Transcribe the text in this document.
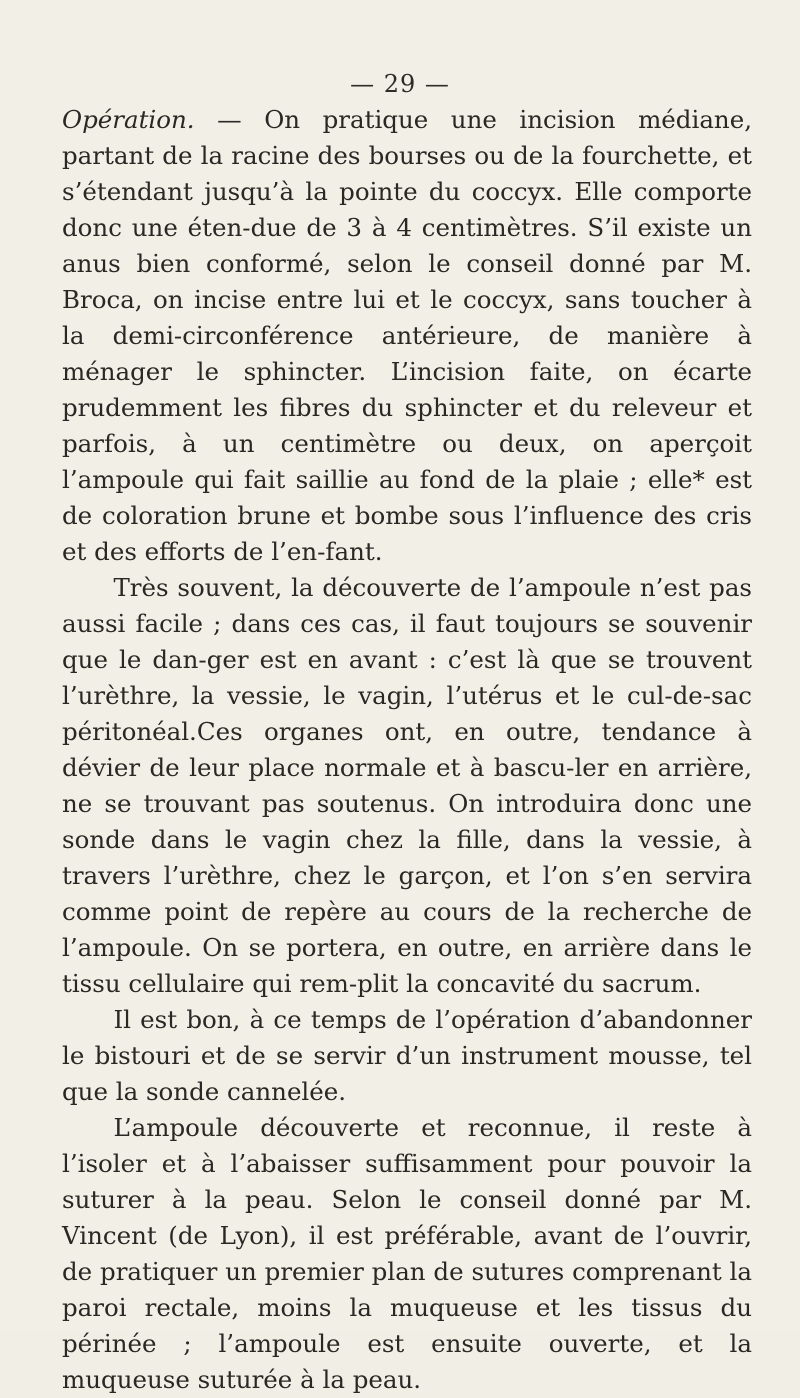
— 29 —

Opération. — On pratique une incision médiane, partant de la racine des bourses ou de la fourchette, et s’étendant jusqu’à la pointe du coccyx. Elle comporte donc une éten-due de 3 à 4 centimètres. S’il existe un anus bien conformé, selon le conseil donné par M. Broca, on incise entre lui et le coccyx, sans toucher à la demi-circonférence antérieure, de manière à ménager le sphincter. L’incision faite, on écarte prudemment les fibres du sphincter et du releveur et parfois, à un centimètre ou deux, on aperçoit l’ampoule qui fait saillie au fond de la plaie ; elle* est de coloration brune et bombe sous l’influence des cris et des efforts de l’en-fant.

Très souvent, la découverte de l’ampoule n’est pas aussi facile ; dans ces cas, il faut toujours se souvenir que le dan-ger est en avant : c’est là que se trouvent l’urèthre, la vessie, le vagin, l’utérus et le cul-de-sac péritonéal.Ces organes ont, en outre, tendance à dévier de leur place normale et à bascu-ler en arrière, ne se trouvant pas soutenus. On introduira donc une sonde dans le vagin chez la fille, dans la vessie, à travers l’urèthre, chez le garçon, et l’on s’en servira comme point de repère au cours de la recherche de l’ampoule. On se portera, en outre, en arrière dans le tissu cellulaire qui rem-plit la concavité du sacrum.

Il est bon, à ce temps de l’opération d’abandonner le bistouri et de se servir d’un instrument mousse, tel que la sonde cannelée.

L’ampoule découverte et reconnue, il reste à l’isoler et à l’abaisser suffisamment pour pouvoir la suturer à la peau. Selon le conseil donné par M. Vincent (de Lyon), il est préférable, avant de l’ouvrir, de pratiquer un premier plan de sutures comprenant la paroi rectale, moins la muqueuse et les tissus du périnée ; l’ampoule est ensuite ouverte, et la muqueuse suturée à la peau.
